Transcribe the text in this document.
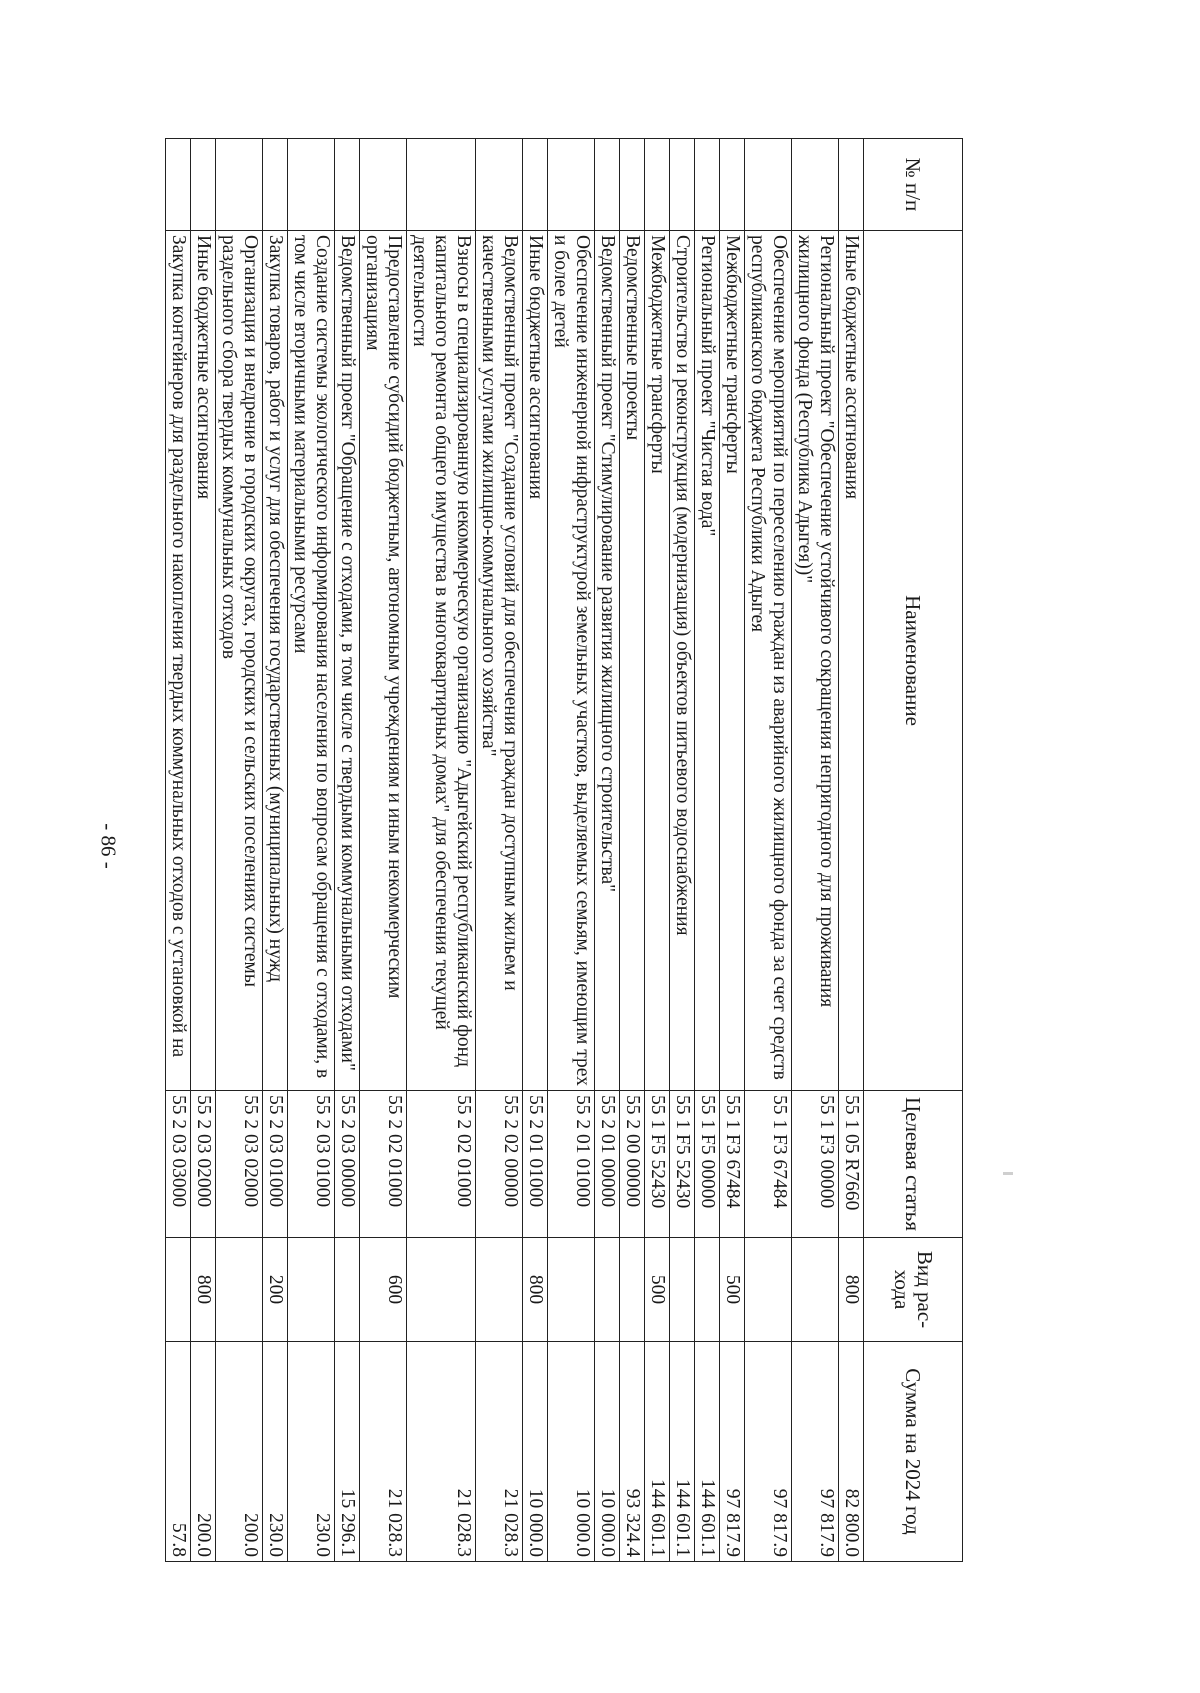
- 86 -
№ п/п	Наименование	Целевая статья	Вид рас- хода	Сумма на 2024 год
	Иные бюджетные ассигнования	55 1 05 R7660	800	82 800.0
	Региональный проект "Обеспечение устойчивого сокращения непригодного для проживания жилищного фонда (Республика Адыгея))"	55 1 F3 00000		97 817.9
	Обеспечение мероприятий по переселению граждан из аварийного жилищного фонда за счет средств республиканского бюджета Республики Адыгея	55 1 F3 67484		97 817.9
	Межбюджетные трансферты	55 1 F3 67484	500	97 817.9
	Региональный проект "Чистая вода"	55 1 F5 00000		144 601.1
	Строительство и реконструкция (модернизация) объектов питьевого водоснабжения	55 1 F5 52430		144 601.1
	Межбюджетные трансферты	55 1 F5 52430	500	144 601.1
	Ведомственные проекты	55 2 00 00000		93 324.4
	Ведомственный проект "Стимулирование развития жилищного строительства"	55 2 01 00000		10 000.0
	Обеспечение инженерной инфраструктурой земельных участков, выделяемых семьям, имеющим трех и более детей	55 2 01 01000		10 000.0
	Иные бюджетные ассигнования	55 2 01 01000	800	10 000.0
	Ведомственный проект "Создание условий для обеспечения граждан доступным жильем и качественными услугами жилищно-коммунального хозяйства"	55 2 02 00000		21 028.3
	Взносы в специализированную некоммерческую организацию "Адыгейский республиканский фонд капитального ремонта общего имущества в многоквартирных домах" для обеспечения текущей деятельности	55 2 02 01000		21 028.3
	Предоставление субсидий бюджетным, автономным учреждениям и иным некоммерческим организациям	55 2 02 01000	600	21 028.3
	Ведомственный проект "Обращение с отходами, в том числе с твердыми коммунальными отходами"	55 2 03 00000		15 296.1
	Создание системы экологического информирования населения по вопросам обращения с отходами, в том числе вторичными материальными ресурсами	55 2 03 01000		230.0
	Закупка товаров, работ и услуг для обеспечения государственных (муниципальных) нужд	55 2 03 01000	200	230.0
	Организация и внедрение в городских округах, городских и сельских поселениях системы раздельного сбора твердых коммунальных отходов	55 2 03 02000		200.0
	Иные бюджетные ассигнования	55 2 03 02000	800	200.0
	Закупка контейнеров для раздельного накопления твердых коммунальных отходов с установкой на	55 2 03 03000		57.8
